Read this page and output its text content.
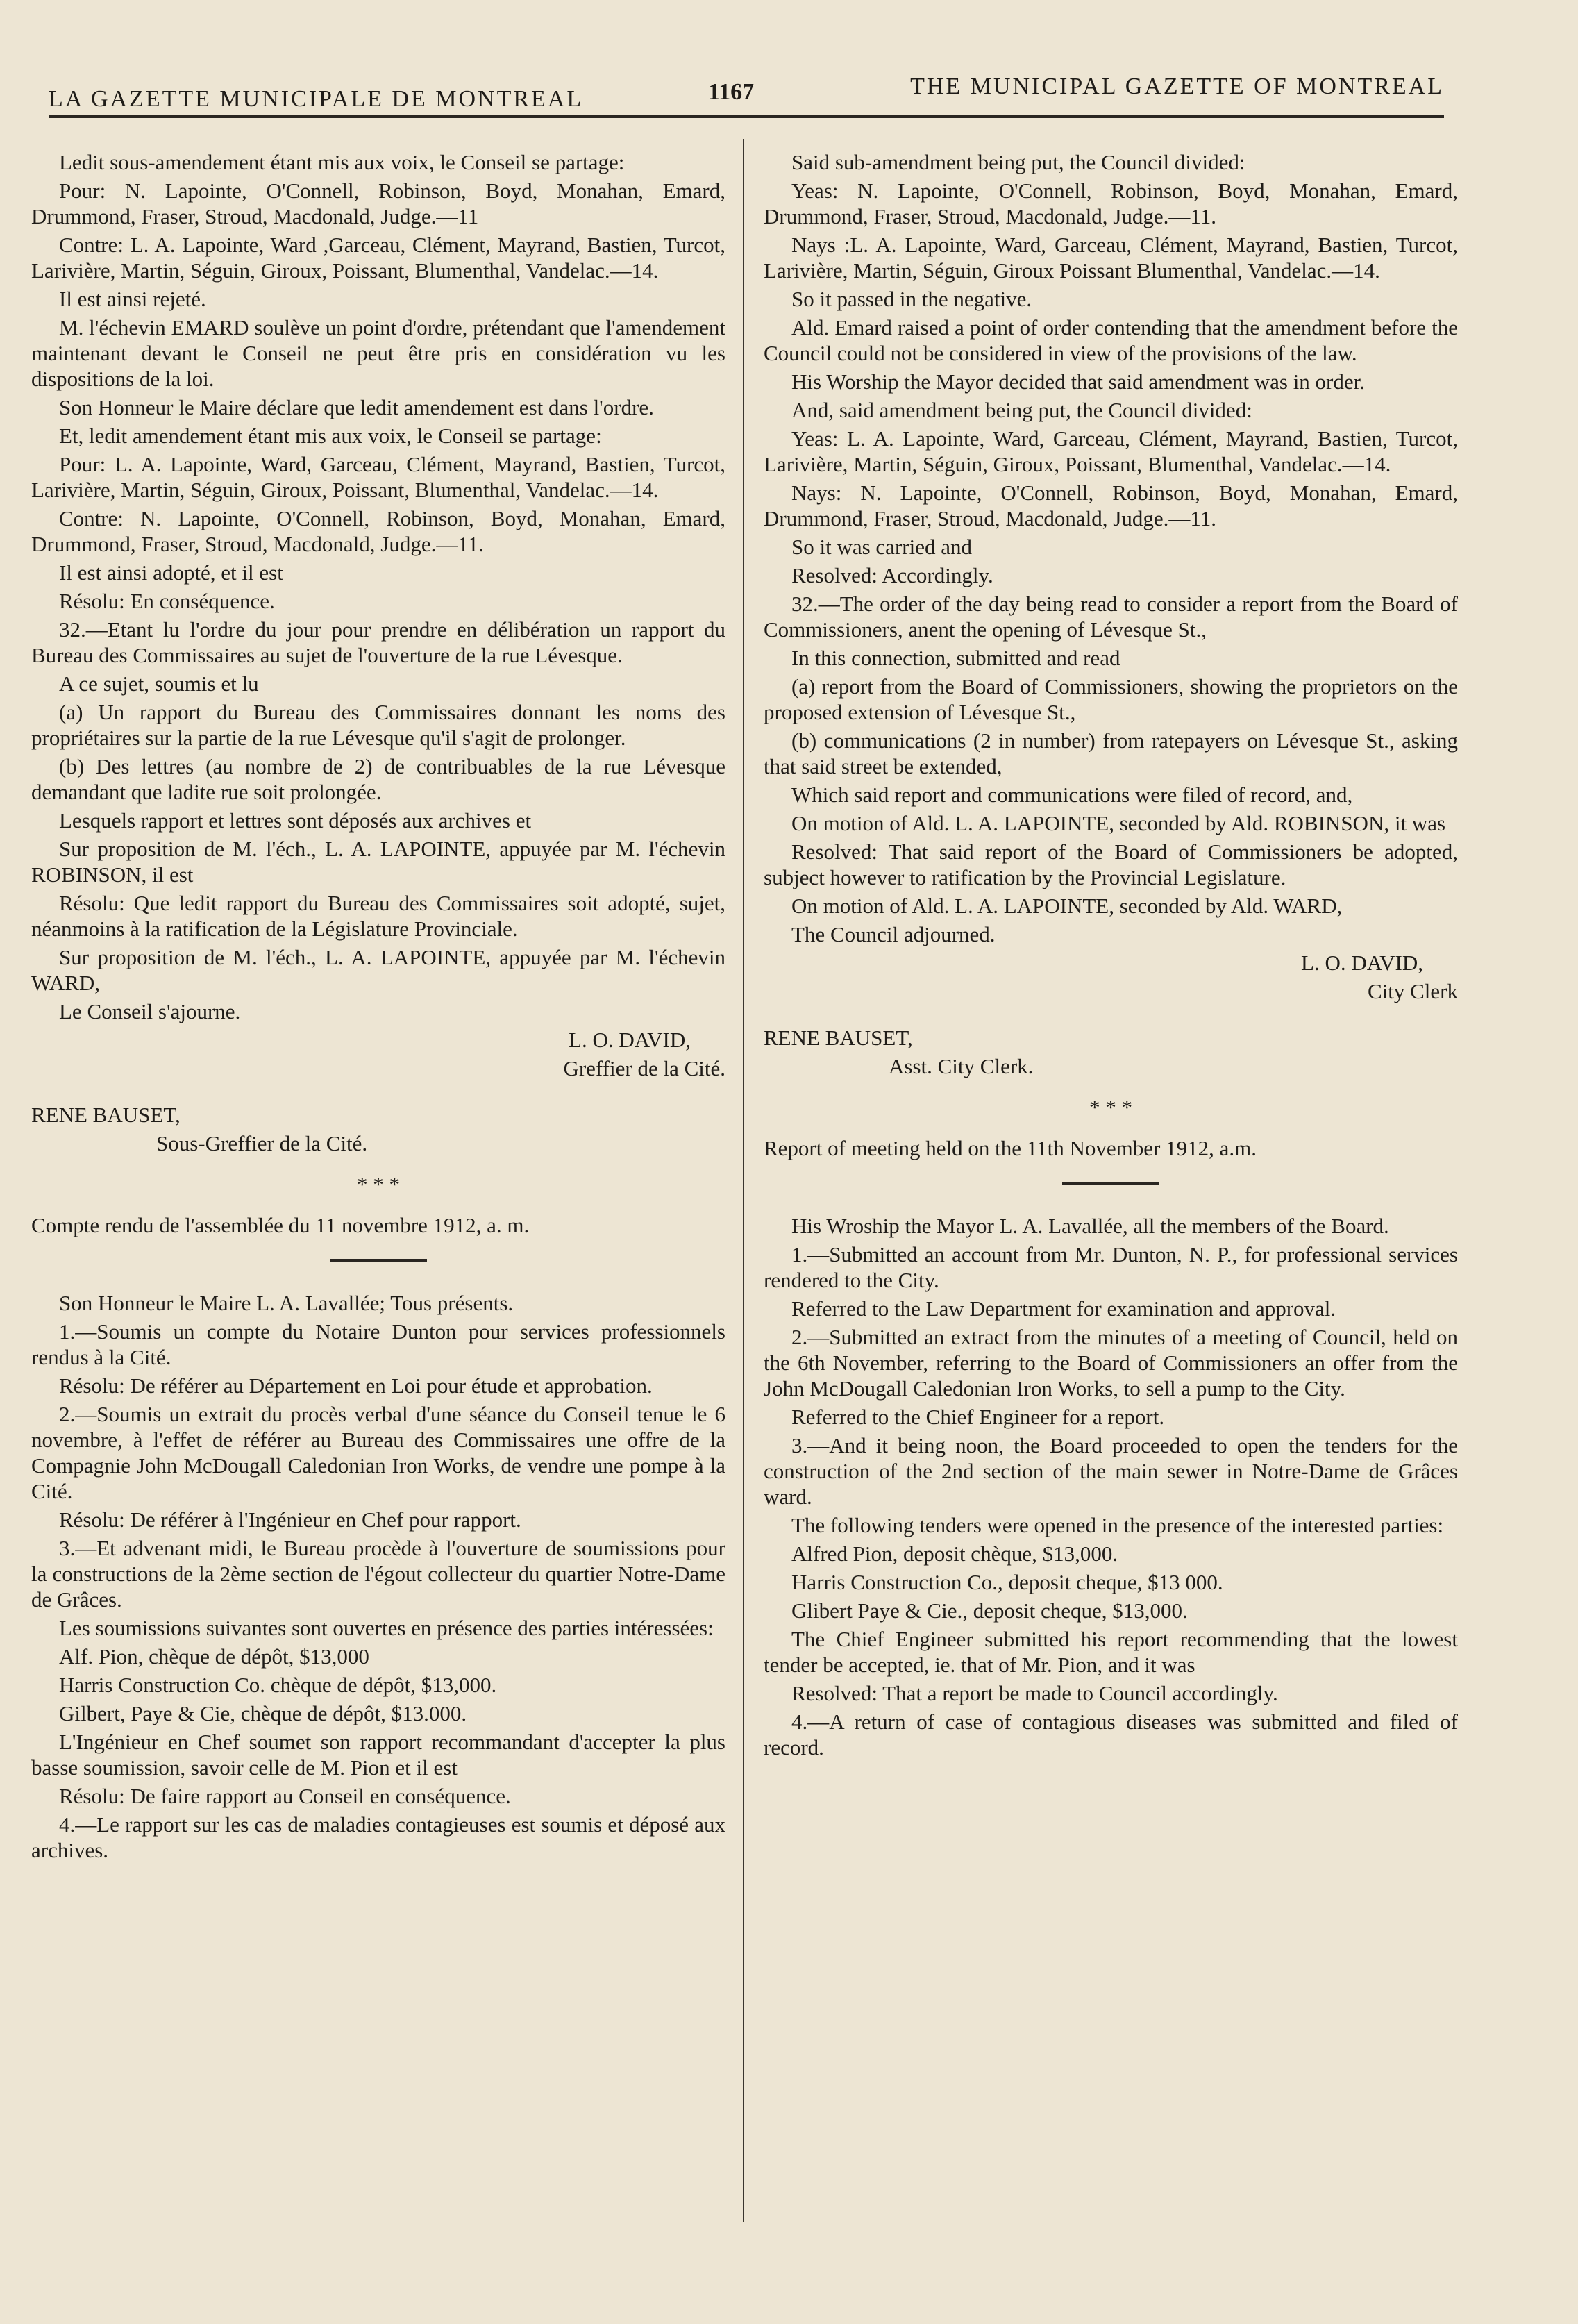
LA GAZETTE MUNICIPALE DE MONTREAL	1167	THE MUNICIPAL GAZETTE OF MONTREAL

Ledit sous-amendement étant mis aux voix, le Conseil se partage:

Pour: N. Lapointe, O'Connell, Robinson, Boyd, Monahan, Emard, Drummond, Fraser, Stroud, Macdonald, Judge.—11

Contre: L. A. Lapointe, Ward ,Garceau, Clément, Mayrand, Bastien, Turcot, Larivière, Martin, Séguin, Giroux, Poissant, Blumenthal, Vandelac.—14.

Il est ainsi rejeté.

M. l'échevin EMARD soulève un point d'ordre, prétendant que l'amendement maintenant devant le Conseil ne peut être pris en considération vu les dispositions de la loi.

Son Honneur le Maire déclare que ledit amendement est dans l'ordre.

Et, ledit amendement étant mis aux voix, le Conseil se partage:

Pour: L. A. Lapointe, Ward, Garceau, Clément, Mayrand, Bastien, Turcot, Larivière, Martin, Séguin, Giroux, Poissant, Blumenthal, Vandelac.—14.

Contre: N. Lapointe, O'Connell, Robinson, Boyd, Monahan, Emard, Drummond, Fraser, Stroud, Macdonald, Judge.—11.

Il est ainsi adopté, et il est

Résolu: En conséquence.

32.—Etant lu l'ordre du jour pour prendre en délibération un rapport du Bureau des Commissaires au sujet de l'ouverture de la rue Lévesque.

A ce sujet, soumis et lu

(a) Un rapport du Bureau des Commissaires donnant les noms des propriétaires sur la partie de la rue Lévesque qu'il s'agit de prolonger.

(b) Des lettres (au nombre de 2) de contribuables de la rue Lévesque demandant que ladite rue soit prolongée.

Lesquels rapport et lettres sont déposés aux archives et

Sur proposition de M. l'éch., L. A. LAPOINTE, appuyée par M. l'échevin ROBINSON, il est

Résolu: Que ledit rapport du Bureau des Commissaires soit adopté, sujet, néanmoins à la ratification de la Législature Provinciale.

Sur proposition de M. l'éch., L. A. LAPOINTE, appuyée par M. l'échevin WARD,

Le Conseil s'ajourne.

L. O. DAVID,

Greffier de la Cité.

RENE BAUSET,

Sous-Greffier de la Cité.

* * *

Compte rendu de l'assemblée du 11 novembre 1912, a. m.

Son Honneur le Maire L. A. Lavallée; Tous présents.

1.—Soumis un compte du Notaire Dunton pour services professionnels rendus à la Cité.

Résolu: De référer au Département en Loi pour étude et approbation.

2.—Soumis un extrait du procès verbal d'une séance du Conseil tenue le 6 novembre, à l'effet de référer au Bureau des Commissaires une offre de la Compagnie John McDougall Caledonian Iron Works, de vendre une pompe à la Cité.

Résolu: De référer à l'Ingénieur en Chef pour rapport.

3.—Et advenant midi, le Bureau procède à l'ouverture de soumissions pour la constructions de la 2ème section de l'égout collecteur du quartier Notre-Dame de Grâces.

Les soumissions suivantes sont ouvertes en présence des parties intéressées:

Alf. Pion, chèque de dépôt, $13,000

Harris Construction Co. chèque de dépôt, $13,000.

Gilbert, Paye & Cie, chèque de dépôt, $13.000.

L'Ingénieur en Chef soumet son rapport recommandant d'accepter la plus basse soumission, savoir celle de M. Pion et il est

Résolu: De faire rapport au Conseil en conséquence.

4.—Le rapport sur les cas de maladies contagieuses est soumis et déposé aux archives.

Said sub-amendment being put, the Council divided:

Yeas: N. Lapointe, O'Connell, Robinson, Boyd, Monahan, Emard, Drummond, Fraser, Stroud, Macdonald, Judge.—11.

Nays :L. A. Lapointe, Ward, Garceau, Clément, Mayrand, Bastien, Turcot, Larivière, Martin, Séguin, Giroux Poissant Blumenthal, Vandelac.—14.

So it passed in the negative.

Ald. Emard raised a point of order contending that the amendment before the Council could not be considered in view of the provisions of the law.

His Worship the Mayor decided that said amendment was in order.

And, said amendment being put, the Council divided:

Yeas: L. A. Lapointe, Ward, Garceau, Clément, Mayrand, Bastien, Turcot, Larivière, Martin, Séguin, Giroux, Poissant, Blumenthal, Vandelac.—14.

Nays: N. Lapointe, O'Connell, Robinson, Boyd, Monahan, Emard, Drummond, Fraser, Stroud, Macdonald, Judge.—11.

So it was carried and

Resolved: Accordingly.

32.—The order of the day being read to consider a report from the Board of Commissioners, anent the opening of Lévesque St.,

In this connection, submitted and read

(a) report from the Board of Commissioners, showing the proprietors on the proposed extension of Lévesque St.,

(b) communications (2 in number) from ratepayers on Lévesque St., asking that said street be extended,

Which said report and communications were filed of record, and,

On motion of Ald. L. A. LAPOINTE, seconded by Ald. ROBINSON, it was

Resolved: That said report of the Board of Commissioners be adopted, subject however to ratification by the Provincial Legislature.

On motion of Ald. L. A. LAPOINTE, seconded by Ald. WARD,

The Council adjourned.

L. O. DAVID,

City Clerk

RENE BAUSET,

Asst. City Clerk.

* * *

Report of meeting held on the 11th November 1912, a.m.

His Wroship the Mayor L. A. Lavallée, all the members of the Board.

1.—Submitted an account from Mr. Dunton, N. P., for professional services rendered to the City.

Referred to the Law Department for examination and approval.

2.—Submitted an extract from the minutes of a meeting of Council, held on the 6th November, referring to the Board of Commissioners an offer from the John McDougall Caledonian Iron Works, to sell a pump to the City.

Referred to the Chief Engineer for a report.

3.—And it being noon, the Board proceeded to open the tenders for the construction of the 2nd section of the main sewer in Notre-Dame de Grâces ward.

The following tenders were opened in the presence of the interested parties:

Alfred Pion, deposit chèque, $13,000.

Harris Construction Co., deposit cheque, $13 000.

Glibert Paye & Cie., deposit cheque, $13,000.

The Chief Engineer submitted his report recommending that the lowest tender be accepted, ie. that of Mr. Pion, and it was

Resolved: That a report be made to Council accordingly.

4.—A return of case of contagious diseases was submitted and filed of record.
